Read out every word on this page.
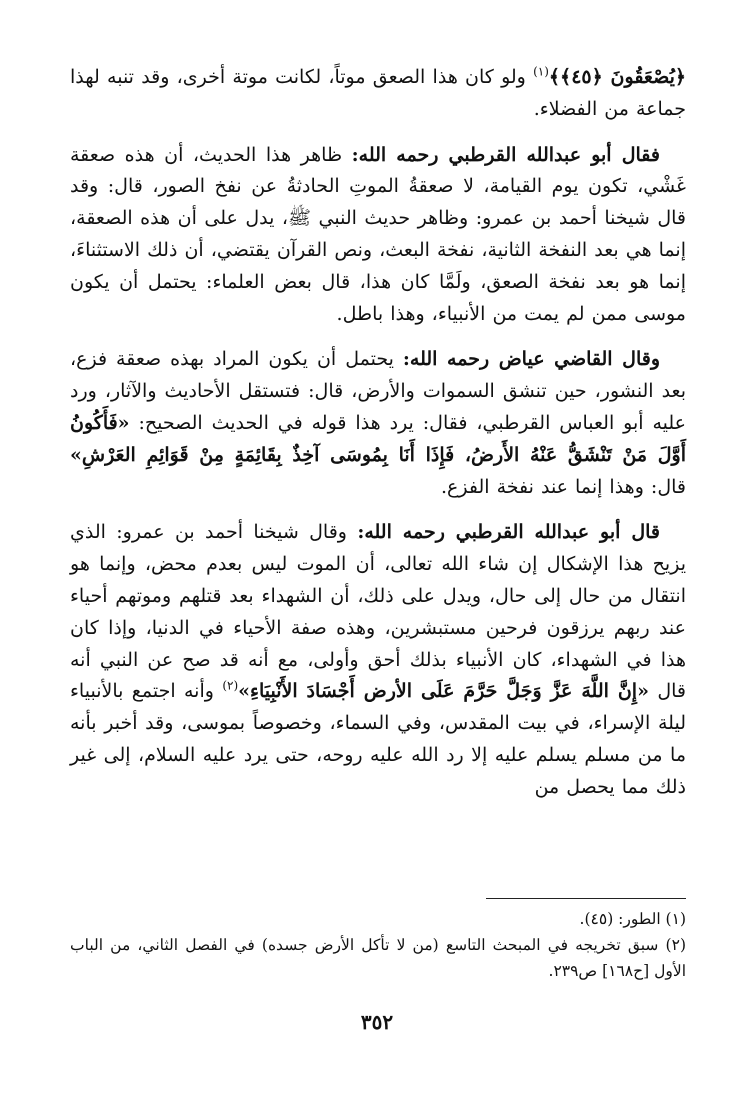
﴿يُصْعَقُونَ ﴿٤٥﴾﴾$^{(١)}$ ولو كان هذا الصعق موتاً، لكانت موتة أخرى، وقد تنبه لهذا جماعة من الفضلاء.

فقال أبو عبدالله القرطبي رحمه الله: ظاهر هذا الحديث، أن هذه صعقة غَشْي، تكون يوم القيامة، لا صعقةُ الموتِ الحادثةُ عن نفخ الصور، قال: وقد قال شيخنا أحمد بن عمرو: وظاهر حديث النبي ﷺ، يدل على أن هذه الصعقة، إنما هي بعد النفخة الثانية، نفخة البعث، ونص القرآن يقتضي، أن ذلك الاستثناءَ، إنما هو بعد نفخة الصعق، ولَمَّا كان هذا، قال بعض العلماء: يحتمل أن يكون موسى ممن لم يمت من الأنبياء، وهذا باطل.

وقال القاضي عياض رحمه الله: يحتمل أن يكون المراد بهذه صعقة فزع، بعد النشور، حين تنشق السموات والأرض، قال: فتستقل الأحاديث والآثار، ورد عليه أبو العباس القرطبي، فقال: يرد هذا قوله في الحديث الصحيح: «فَأَكُونُ أَوَّلَ مَنْ تَنْشَقُّ عَنْهُ الأَرضُ، فَإِذَا أَنَا بِمُوسَى آخِذٌ بِقَائِمَةٍ مِنْ قَوَائِمِ العَرْشِ» قال: وهذا إنما عند نفخة الفزع.

قال أبو عبدالله القرطبي رحمه الله: وقال شيخنا أحمد بن عمرو: الذي يزيح هذا الإشكال إن شاء الله تعالى، أن الموت ليس بعدم محض، وإنما هو انتقال من حال إلى حال، ويدل على ذلك، أن الشهداء بعد قتلهم وموتهم أحياء عند ربهم يرزقون فرحين مستبشرين، وهذه صفة الأحياء في الدنيا، وإذا كان هذا في الشهداء، كان الأنبياء بذلك أحق وأولى، مع أنه قد صح عن النبي أنه قال «إِنَّ اللَّهَ عَزَّ وَجَلَّ حَرَّمَ عَلَى الأرض أَجْسَادَ الأَنْبِيَاءِ»$^{(٢)}$ وأنه اجتمع بالأنبياء ليلة الإسراء، في بيت المقدس، وفي السماء، وخصوصاً بموسى، وقد أخبر بأنه ما من مسلم يسلم عليه إلا رد الله عليه روحه، حتى يرد عليه السلام، إلى غير ذلك مما يحصل من

(١) الطور: (٤٥).

(٢) سبق تخريجه في المبحث التاسع (من لا تأكل الأرض جسده) في الفصل الثاني، من الباب الأول [ح١٦٨] ص٢٣٩.

٣٥٢
